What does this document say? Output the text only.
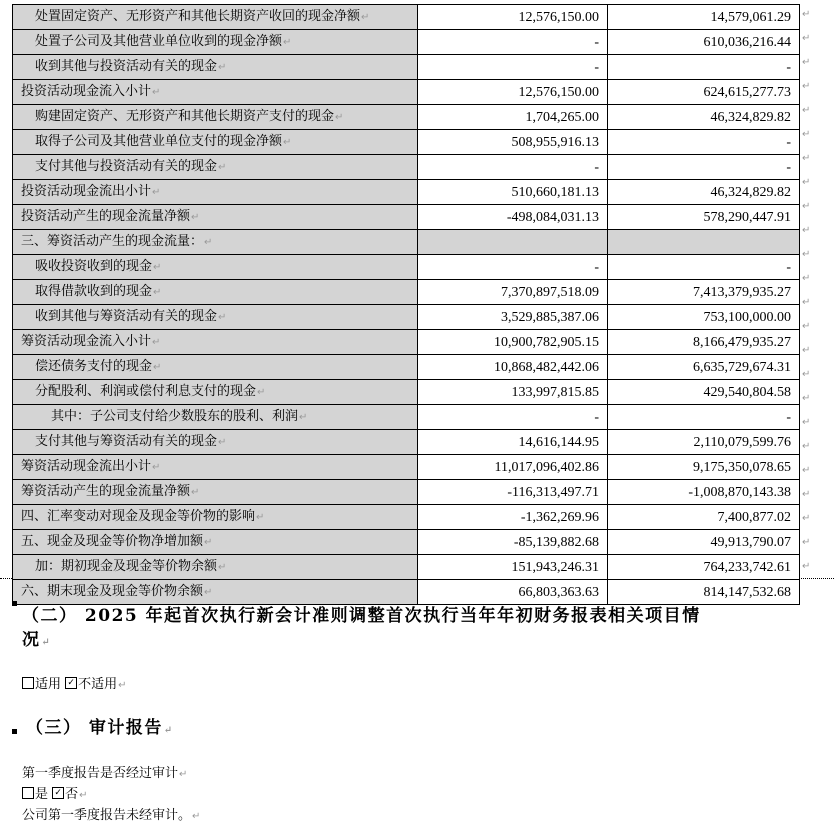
处置固定资产、无形资产和其他长期资产收回的现金净额↵	12,576,150.00	14,579,061.29
处置子公司及其他营业单位收到的现金净额↵	-	610,036,216.44
收到其他与投资活动有关的现金↵	-	-
投资活动现金流入小计↵	12,576,150.00	624,615,277.73
购建固定资产、无形资产和其他长期资产支付的现金↵	1,704,265.00	46,324,829.82
取得子公司及其他营业单位支付的现金净额↵	508,955,916.13	-
支付其他与投资活动有关的现金↵	-	-
投资活动现金流出小计↵	510,660,181.13	46,324,829.82
投资活动产生的现金流量净额↵	-498,084,031.13	578,290,447.91
三、筹资活动产生的现金流量：↵		
吸收投资收到的现金↵	-	-
取得借款收到的现金↵	7,370,897,518.09	7,413,379,935.27
收到其他与筹资活动有关的现金↵	3,529,885,387.06	753,100,000.00
筹资活动现金流入小计↵	10,900,782,905.15	8,166,479,935.27
偿还债务支付的现金↵	10,868,482,442.06	6,635,729,674.31
分配股利、利润或偿付利息支付的现金↵	133,997,815.85	429,540,804.58
其中：子公司支付给少数股东的股利、利润↵	-	-
支付其他与筹资活动有关的现金↵	14,616,144.95	2,110,079,599.76
筹资活动现金流出小计↵	11,017,096,402.86	9,175,350,078.65
筹资活动产生的现金流量净额↵	-116,313,497.71	-1,008,870,143.38
四、汇率变动对现金及现金等价物的影响↵	-1,362,269.96	7,400,877.02
五、现金及现金等价物净增加额↵	-85,139,882.68	49,913,790.07
加：期初现金及现金等价物余额↵	151,943,246.31	764,233,742.61
六、期末现金及现金等价物余额↵	66,803,363.63	814,147,532.68
↵
↵
↵
↵
↵
↵
↵
↵
↵
↵
↵
↵
↵
↵
↵
↵
↵
↵
↵
↵
↵
↵
↵
↵
（二） 2025 年起首次执行新会计准则调整首次执行当年年初财务报表相关项目情
况↵
适用 ✓ 不适用↵
（三） 审计报告↵
第一季度报告是否经过审计↵
是 ✓ 否↵
公司第一季度报告未经审计。↵
